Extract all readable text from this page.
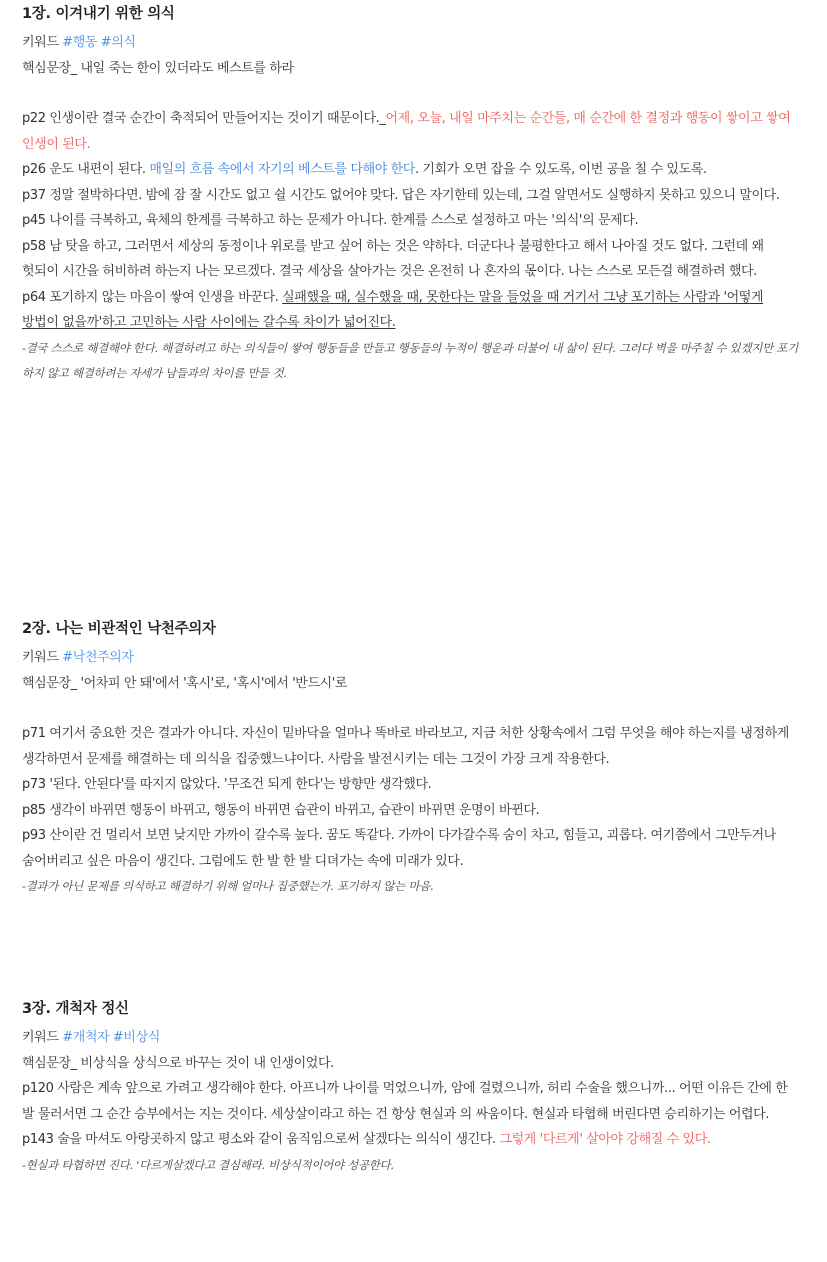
1장. 이겨내기 위한 의식

키워드 #행동 #의식

핵심문장_ 내일 죽는 한이 있더라도 베스트를 하라

p22 인생이란 결국 순간이 축적되어 만들어지는 것이기 때문이다._어제, 오늘, 내일 마주치는 순간들, 매 순간에 한 결정과 행동이 쌓이고 쌓여 인생이 된다.

p26 운도 내편이 된다. 매일의 흐름 속에서 자기의 베스트를 다해야 한다. 기회가 오면 잡을 수 있도록, 이번 공을 칠 수 있도록.

p37 정말 절박하다면. 밤에 잠 잘 시간도 없고 쉴 시간도 없어야 맞다. 답은 자기한테 있는데, 그걸 알면서도 실행하지 못하고 있으니 말이다.

p45 나이를 극복하고, 육체의 한계를 극복하고 하는 문제가 아니다. 한계를 스스로 설정하고 마는 '의식'의 문제다.

p58 남 탓을 하고, 그러면서 세상의 동정이나 위로를 받고 싶어 하는 것은 약하다. 더군다나 불평한다고 해서 나아질 것도 없다. 그런데 왜 헛되이 시간을 허비하려 하는지 나는 모르겠다. 결국 세상을 살아가는 것은 온전히 나 혼자의 몫이다. 나는 스스로 모든걸 해결하려 했다.

p64 포기하지 않는 마음이 쌓여 인생을 바꾼다. 실패했을 때, 실수했을 때, 못한다는 말을 들었을 때 거기서 그냥 포기하는 사람과 '어떻게 방법이 없을까'하고 고민하는 사람 사이에는 갈수록 차이가 넓어진다.

-결국 스스로 해결해야 한다. 해결하려고 하는 의식들이 쌓여 행동들을 만들고 행동들의 누적이 행운과 더불어 내 삶이 된다. 그러다 벽을 마주칠 수 있겠지만 포기하지 않고 해결하려는 자세가 남들과의 차이를 만들 것.

2장. 나는 비관적인 낙천주의자

키워드 #낙천주의자

핵심문장_ '어차피 안 돼'에서 '혹시'로, '혹시'에서 '반드시'로

p71 여기서 중요한 것은 결과가 아니다. 자신이 밑바닥을 얼마나 똑바로 바라보고, 지금 처한 상황속에서 그럼 무엇을 해야 하는지를 냉정하게 생각하면서 문제를 해결하는 데 의식을 집중했느냐이다. 사람을 발전시키는 데는 그것이 가장 크게 작용한다.

p73 '된다. 안된다'를 따지지 않았다. '무조건 되게 한다'는 방향만 생각했다.

p85 생각이 바뀌면 행동이 바뀌고, 행동이 바뀌면 습관이 바뀌고, 습관이 바뀌면 운명이 바뀐다.

p93 산이란 건 멀리서 보면 낮지만 가까이 갈수록 높다. 꿈도 똑같다. 가까이 다가갈수록 숨이 차고, 힘들고, 괴롭다. 여기쯤에서 그만두거나 숨어버리고 싶은 마음이 생긴다. 그럼에도 한 발 한 발 디뎌가는 속에 미래가 있다.

-결과가 아닌 문제를 의식하고 해결하기 위해 얼마나 집중했는가. 포기하지 않는 마음.

3장. 개척자 정신

키워드 #개척자 #비상식

핵심문장_ 비상식을 상식으로 바꾸는 것이 내 인생이었다.

p120 사람은 계속 앞으로 가려고 생각해야 한다. 아프니까 나이를 먹었으니까, 암에 걸렸으니까, 허리 수술을 했으니까... 어떤 이유든 간에 한 발 물러서면 그 순간 승부에서는 지는 것이다. 세상살이라고 하는 건 항상 현실과 의 싸움이다. 현실과 타협해 버린다면 승리하기는 어렵다.

p143 술을 마셔도 아랑곳하지 않고 평소와 같이 움직임으로써 살겠다는 의식이 생긴다. 그렇게 '다르게' 살아야 강해질 수 있다.

-현실과 타협하면 진다. '다르게살겠다고 결심해라. 비상식적이어야 성공한다.
